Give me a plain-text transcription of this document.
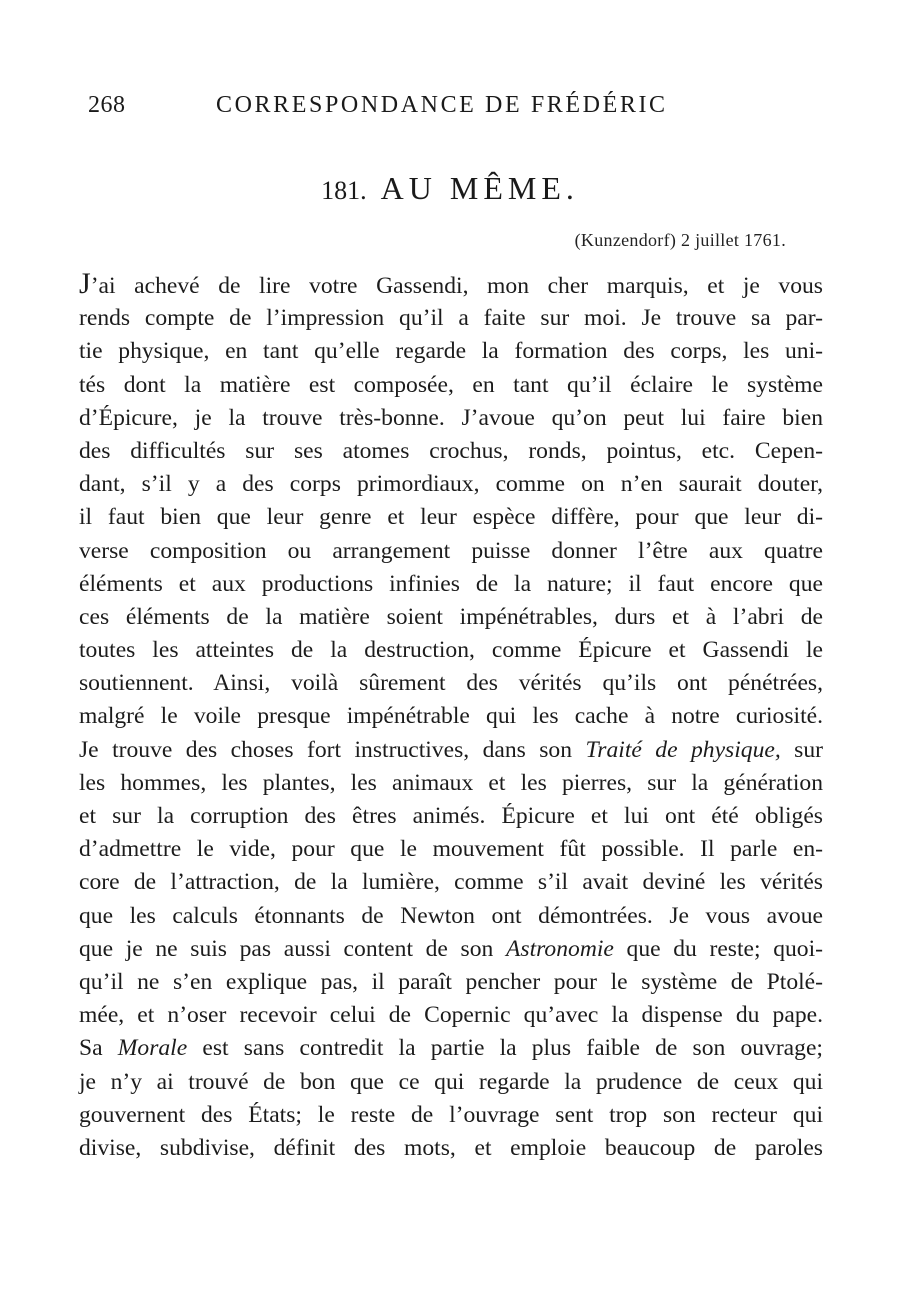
268	CORRESPONDANCE DE FRÉDÉRIC
181. AU MÊME.
(Kunzendorf) 2 juillet 1761.
J’ai achevé de lire votre Gassendi, mon cher marquis, et je vous
rends compte de l’impression qu’il a faite sur moi. Je trouve sa par-
tie physique, en tant qu’elle regarde la formation des corps, les uni-
tés dont la matière est composée, en tant qu’il éclaire le système
d’Épicure, je la trouve très-bonne. J’avoue qu’on peut lui faire bien
des difficultés sur ses atomes crochus, ronds, pointus, etc. Cepen-
dant, s’il y a des corps primordiaux, comme on n’en saurait douter,
il faut bien que leur genre et leur espèce diffère, pour que leur di-
verse composition ou arrangement puisse donner l’être aux quatre
éléments et aux productions infinies de la nature; il faut encore que
ces éléments de la matière soient impénétrables, durs et à l’abri de
toutes les atteintes de la destruction, comme Épicure et Gassendi le
soutiennent. Ainsi, voilà sûrement des vérités qu’ils ont pénétrées,
malgré le voile presque impénétrable qui les cache à notre curiosité.
Je trouve des choses fort instructives, dans son Traité de physique, sur
les hommes, les plantes, les animaux et les pierres, sur la génération
et sur la corruption des êtres animés. Épicure et lui ont été obligés
d’admettre le vide, pour que le mouvement fût possible. Il parle en-
core de l’attraction, de la lumière, comme s’il avait deviné les vérités
que les calculs étonnants de Newton ont démontrées. Je vous avoue
que je ne suis pas aussi content de son Astronomie que du reste; quoi-
qu’il ne s’en explique pas, il paraît pencher pour le système de Ptolé-
mée, et n’oser recevoir celui de Copernic qu’avec la dispense du pape.
Sa Morale est sans contredit la partie la plus faible de son ouvrage;
je n’y ai trouvé de bon que ce qui regarde la prudence de ceux qui
gouvernent des États; le reste de l’ouvrage sent trop son recteur qui
divise, subdivise, définit des mots, et emploie beaucoup de paroles
